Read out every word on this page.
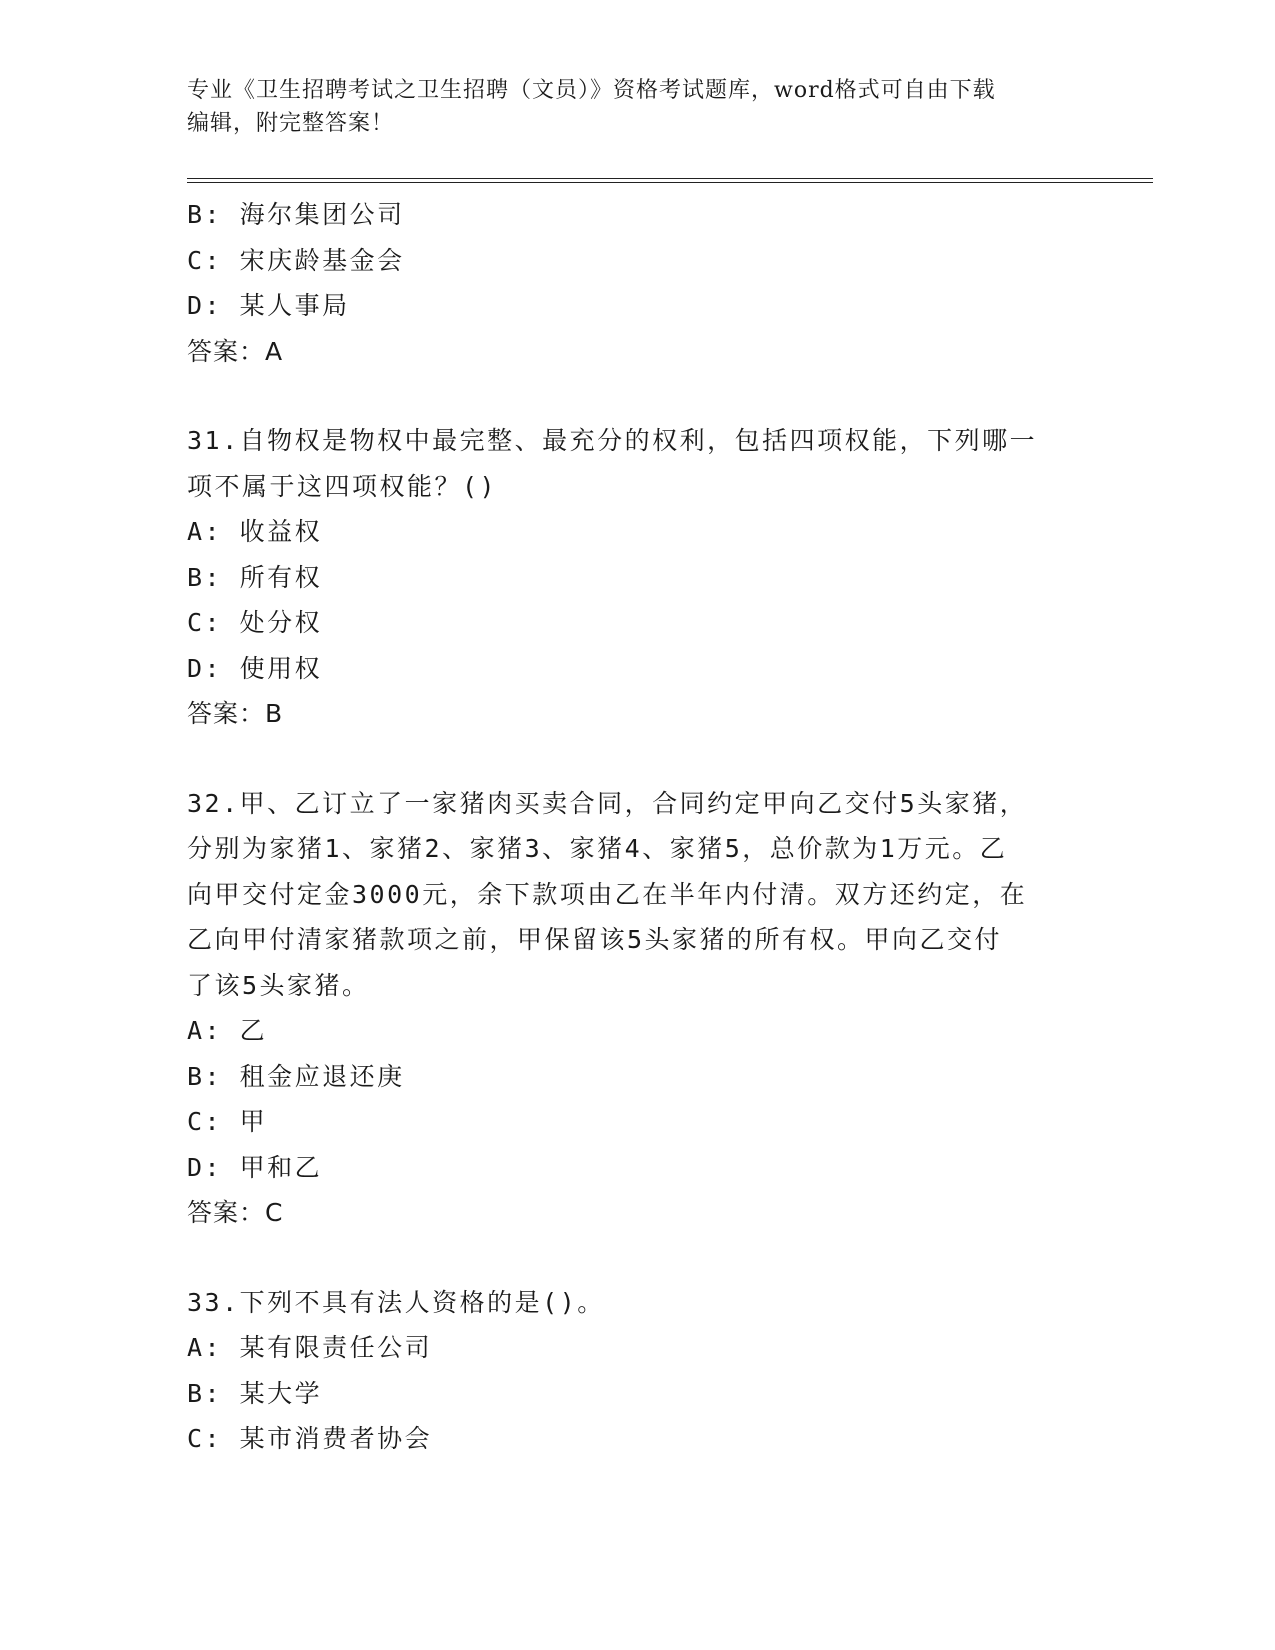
专业《卫生招聘考试之卫生招聘（文员）》资格考试题库，word格式可自由下载
编辑，附完整答案！
B: 海尔集团公司
C: 宋庆龄基金会
D: 某人事局
答案：A
31.自物权是物权中最完整、最充分的权利，包括四项权能，下列哪一
项不属于这四项权能？()
A: 收益权
B: 所有权
C: 处分权
D: 使用权
答案：B
32.甲、乙订立了一家猪肉买卖合同，合同约定甲向乙交付5头家猪，
分别为家猪1、家猪2、家猪3、家猪4、家猪5，总价款为1万元。乙
向甲交付定金3000元，余下款项由乙在半年内付清。双方还约定，在
乙向甲付清家猪款项之前，甲保留该5头家猪的所有权。甲向乙交付
了该5头家猪。
A: 乙
B: 租金应退还庚
C: 甲
D: 甲和乙
答案：C
33.下列不具有法人资格的是()。
A: 某有限责任公司
B: 某大学
C: 某市消费者协会
